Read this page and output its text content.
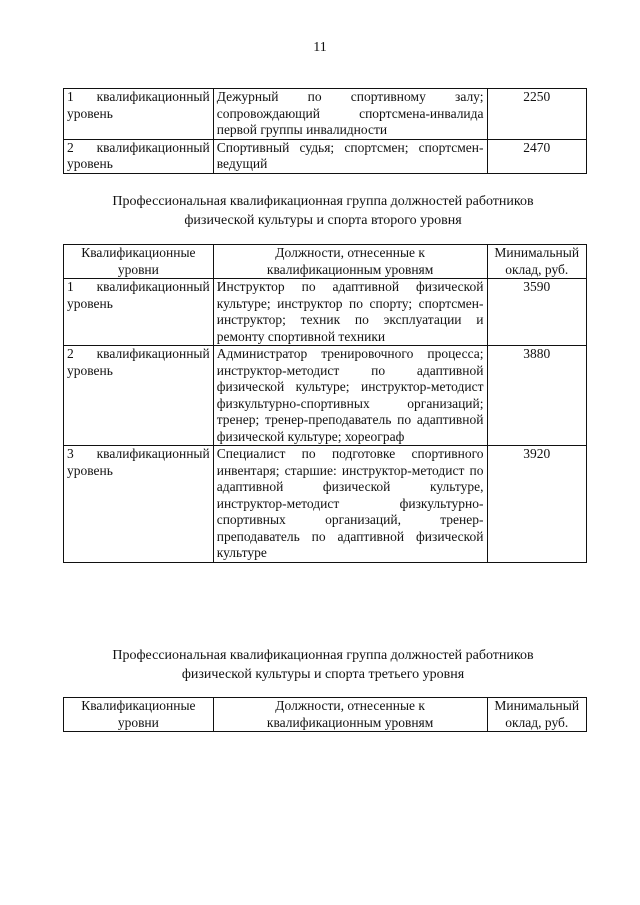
11
1 квалификационный уровень	Дежурный по спортивному залу; сопровождающий спортсмена-инвалида первой группы инвалидности	2250
2 квалификационный уровень	Спортивный судья; спортсмен; спортсмен-ведущий	2470
Профессиональная квалификационная группа должностей работников
физической культуры и спорта второго уровня
Квалификационные уровни	Должности, отнесенные к квалификационным уровням	Минимальный оклад, руб.
1 квалификационный уровень	Инструктор по адаптивной физической культуре; инструктор по спорту; спортсмен-инструктор; техник по эксплуатации и ремонту спортивной техники	3590
2 квалификационный уровень	Администратор тренировочного процесса; инструктор-методист по адаптивной физической культуре; инструктор-методист физкультурно-спортивных организаций; тренер; тренер-преподаватель по адаптивной физической культуре; хореограф	3880
3 квалификационный уровень	Специалист по подготовке спортивного инвентаря; старшие: инструктор-методист по адаптивной физической культуре, инструктор-методист физкультурно-спортивных организаций, тренер-преподаватель по адаптивной физической культуре	3920
Профессиональная квалификационная группа должностей работников
физической культуры и спорта третьего уровня
Квалификационные уровни	Должности, отнесенные к квалификационным уровням	Минимальный оклад, руб.
